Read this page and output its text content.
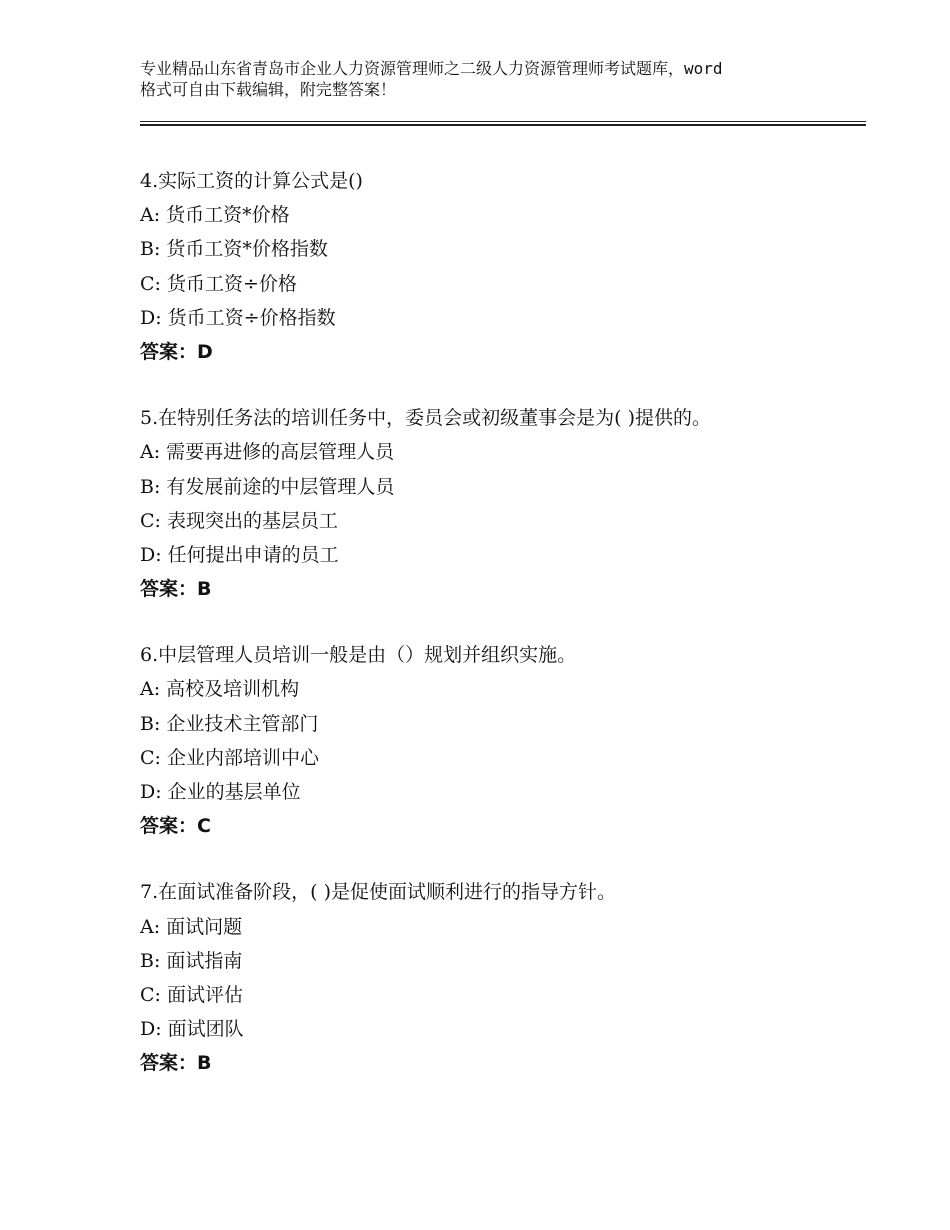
专业精品山东省青岛市企业人力资源管理师之二级人力资源管理师考试题库，word
格式可自由下载编辑，附完整答案！
4.实际工资的计算公式是()
A: 货币工资*价格
B: 货币工资*价格指数
C: 货币工资÷价格
D: 货币工资÷价格指数
答案：D
5.在特别任务法的培训任务中，委员会或初级董事会是为( )提供的。
A: 需要再进修的高层管理人员
B: 有发展前途的中层管理人员
C: 表现突出的基层员工
D: 任何提出申请的员工
答案：B
6.中层管理人员培训一般是由（）规划并组织实施。
A: 高校及培训机构
B: 企业技术主管部门
C: 企业内部培训中心
D: 企业的基层单位
答案：C
7.在面试准备阶段，( )是促使面试顺利进行的指导方针。
A: 面试问题
B: 面试指南
C: 面试评估
D: 面试团队
答案：B
